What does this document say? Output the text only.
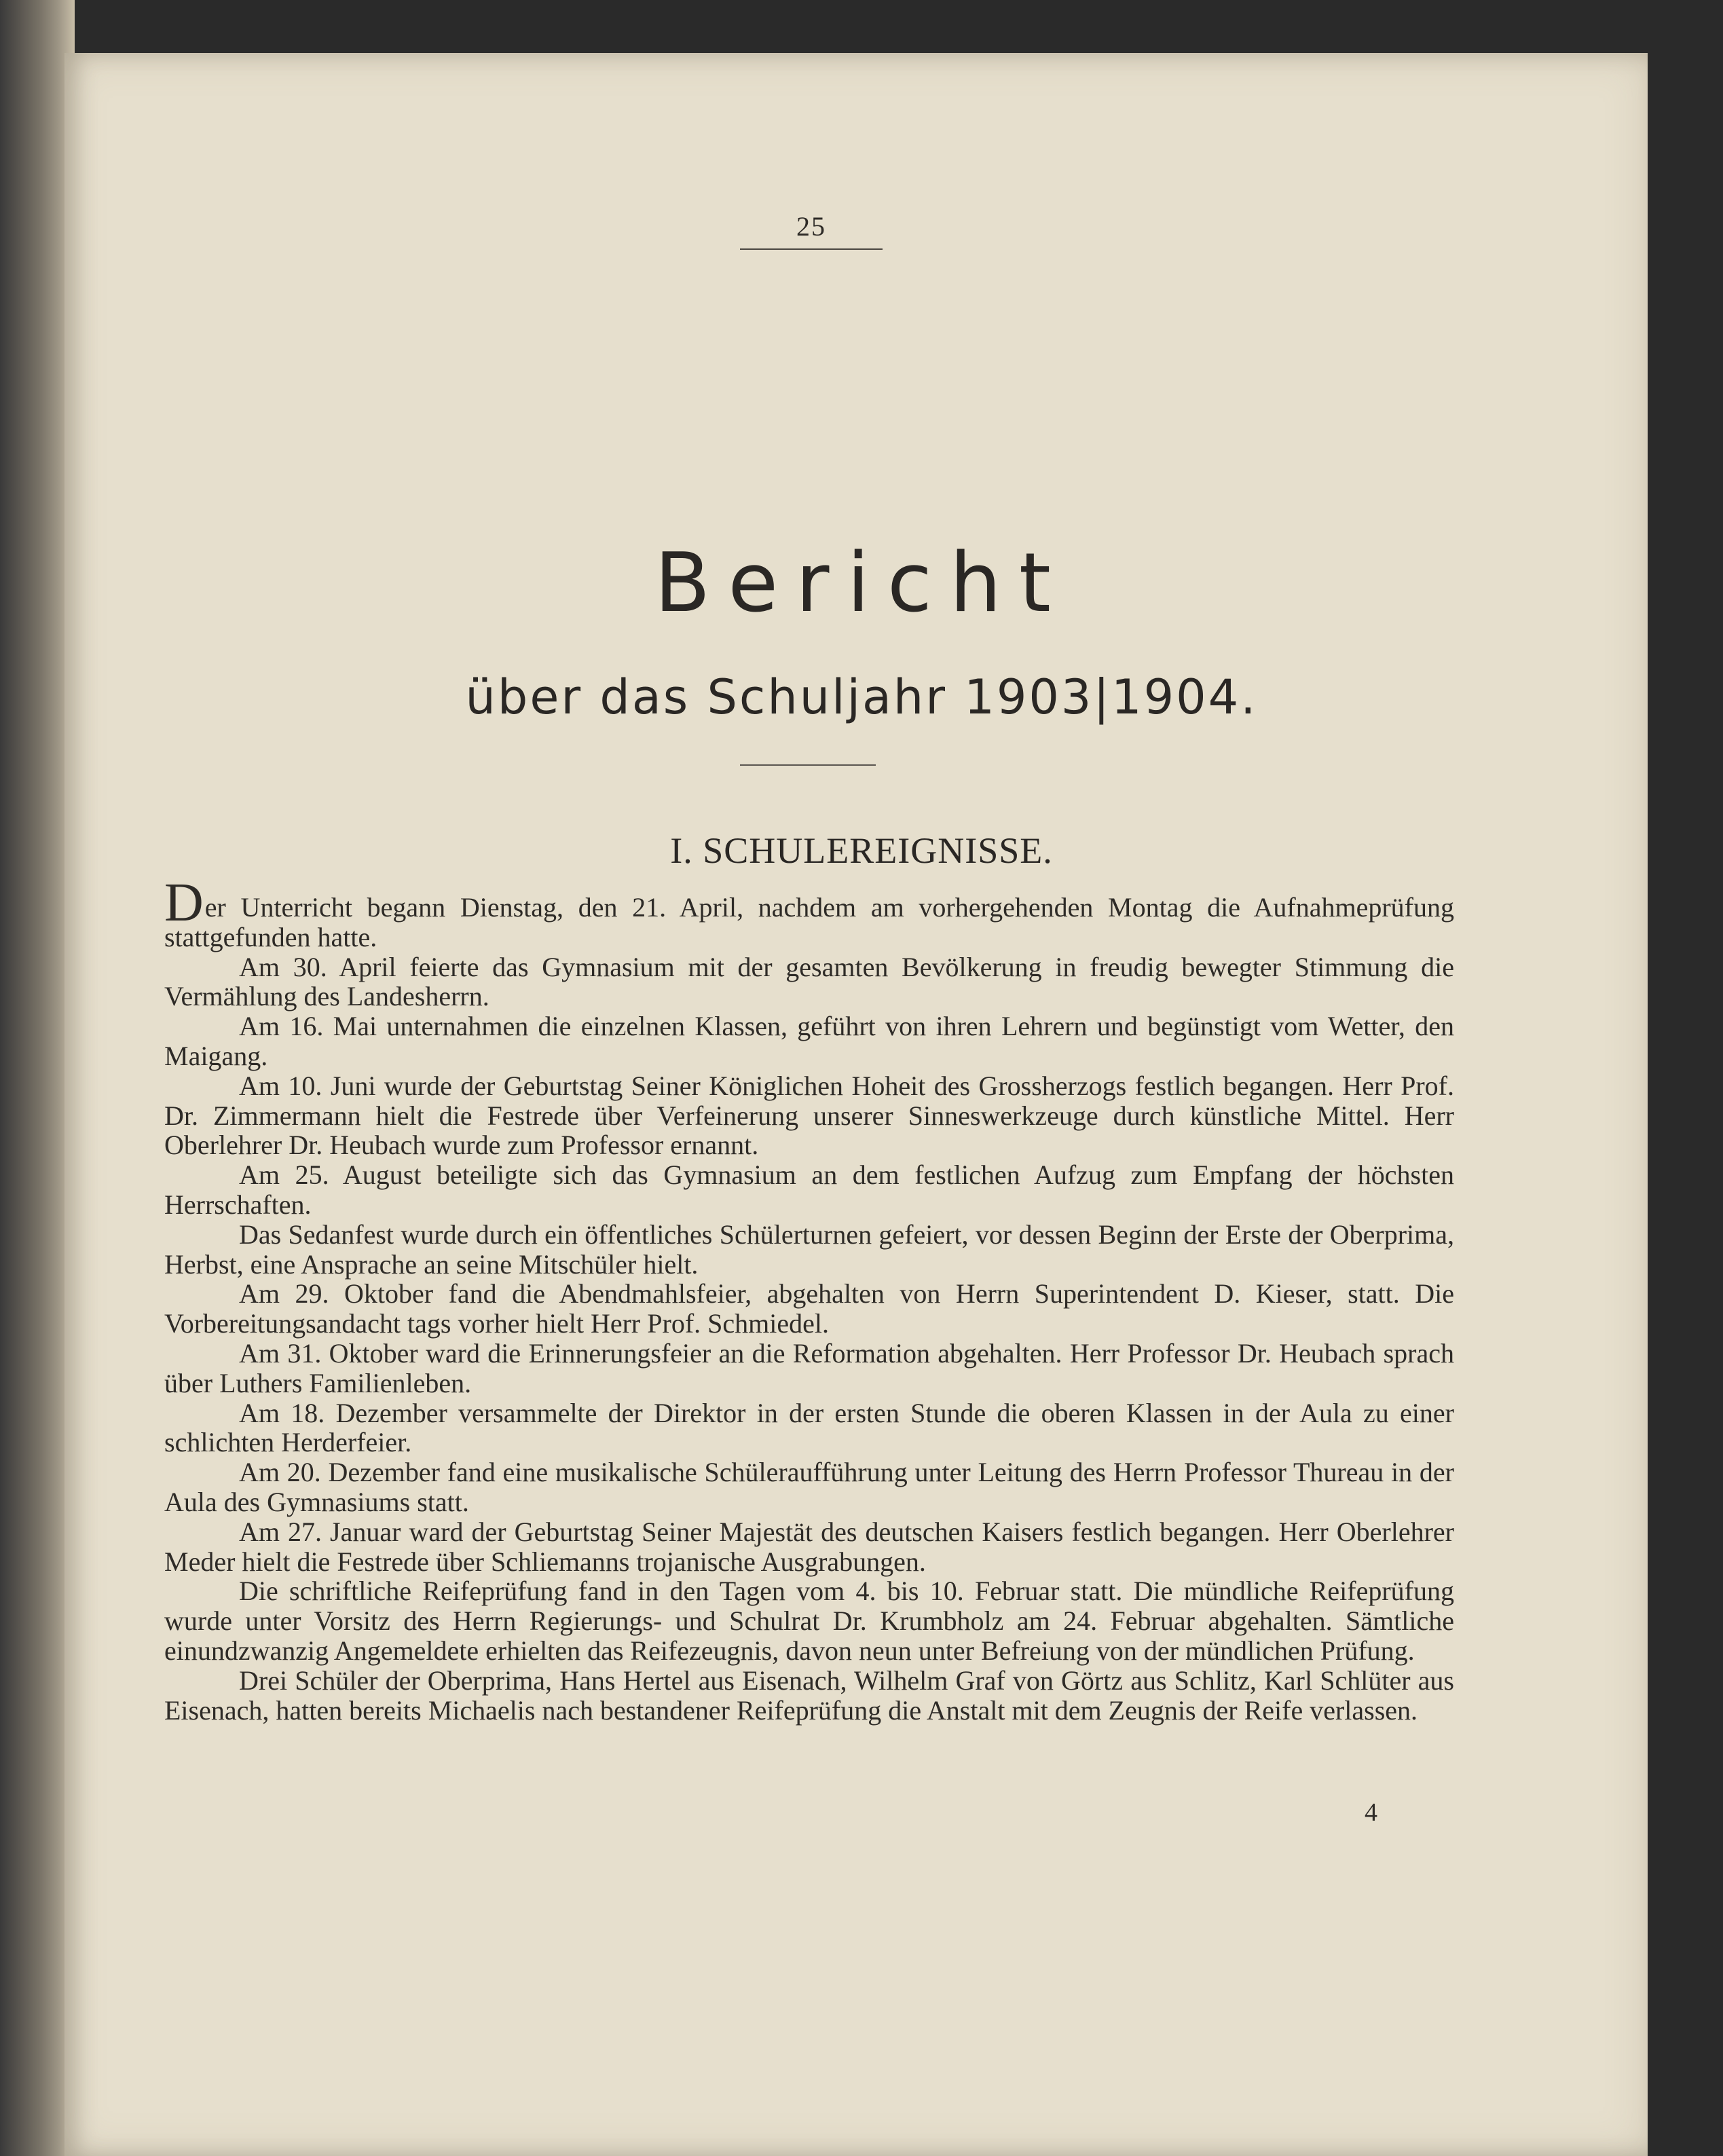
25
Bericht
über das Schuljahr 1903|1904.
I. SCHULEREIGNISSE.

Der Unterricht begann Dienstag, den 21. April, nachdem am vorhergehenden Montag die Aufnahmeprüfung stattgefunden hatte.

Am 30. April feierte das Gymnasium mit der gesamten Bevölkerung in freudig bewegter Stimmung die Vermählung des Landesherrn.

Am 16. Mai unternahmen die einzelnen Klassen, geführt von ihren Lehrern und begünstigt vom Wetter, den Maigang.

Am 10. Juni wurde der Geburtstag Seiner Königlichen Hoheit des Grossherzogs festlich begangen. Herr Prof. Dr. Zimmermann hielt die Festrede über Verfeinerung unserer Sinneswerkzeuge durch künstliche Mittel. Herr Oberlehrer Dr. Heubach wurde zum Professor ernannt.

Am 25. August beteiligte sich das Gymnasium an dem festlichen Aufzug zum Empfang der höchsten Herrschaften.

Das Sedanfest wurde durch ein öffentliches Schülerturnen gefeiert, vor dessen Beginn der Erste der Oberprima, Herbst, eine Ansprache an seine Mitschüler hielt.

Am 29. Oktober fand die Abendmahlsfeier, abgehalten von Herrn Superintendent D. Kieser, statt. Die Vorbereitungsandacht tags vorher hielt Herr Prof. Schmiedel.

Am 31. Oktober ward die Erinnerungsfeier an die Reformation abgehalten. Herr Professor Dr. Heubach sprach über Luthers Familienleben.

Am 18. Dezember versammelte der Direktor in der ersten Stunde die oberen Klassen in der Aula zu einer schlichten Herderfeier.

Am 20. Dezember fand eine musikalische Schüleraufführung unter Leitung des Herrn Professor Thureau in der Aula des Gymnasiums statt.

Am 27. Januar ward der Geburtstag Seiner Majestät des deutschen Kaisers festlich begangen. Herr Oberlehrer Meder hielt die Festrede über Schliemanns trojanische Ausgrabungen.

Die schriftliche Reifeprüfung fand in den Tagen vom 4. bis 10. Februar statt. Die mündliche Reifeprüfung wurde unter Vorsitz des Herrn Regierungs- und Schulrat Dr. Krumbholz am 24. Februar abgehalten. Sämtliche einundzwanzig Angemeldete erhielten das Reifezeugnis, davon neun unter Befreiung von der mündlichen Prüfung.

Drei Schüler der Oberprima, Hans Hertel aus Eisenach, Wilhelm Graf von Görtz aus Schlitz, Karl Schlüter aus Eisenach, hatten bereits Michaelis nach bestandener Reifeprüfung die Anstalt mit dem Zeugnis der Reife verlassen.

4
